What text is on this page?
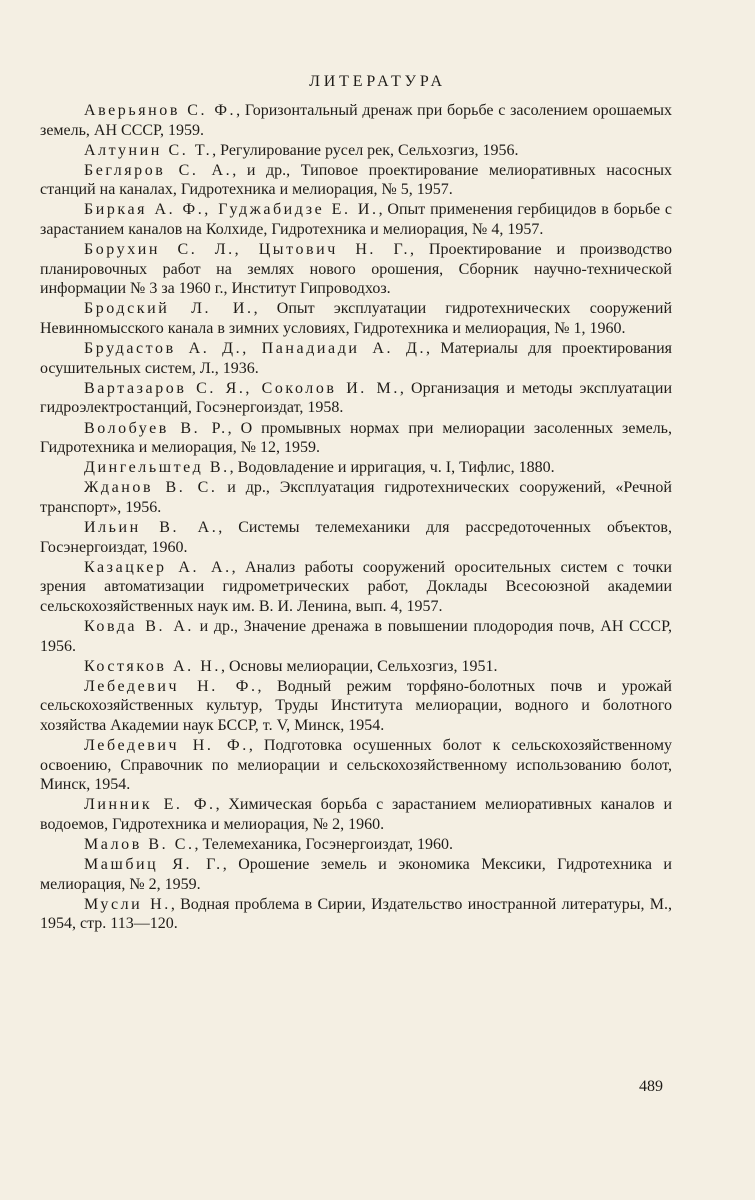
ЛИТЕРАТУРА
Аверьянов С. Ф., Горизонтальный дренаж при борьбе с засолением орошаемых земель, АН СССР, 1959.
Алтунин С. Т., Регулирование русел рек, Сельхозгиз, 1956.
Бегляров С. А., и др., Типовое проектирование мелиоративных насосных станций на каналах, Гидротехника и мелиорация, № 5, 1957.
Биркая А. Ф., Гуджабидзе Е. И., Опыт применения гербицидов в борьбе с зарастанием каналов на Колхиде, Гидротехника и мелиорация, № 4, 1957.
Борухин С. Л., Цытович Н. Г., Проектирование и производство планировочных работ на землях нового орошения, Сборник научно-технической информации № 3 за 1960 г., Институт Гипроводхоз.
Бродский Л. И., Опыт эксплуатации гидротехнических сооружений Невинномысского канала в зимних условиях, Гидротехника и мелиорация, № 1, 1960.
Брудастов А. Д., Панадиади А. Д., Материалы для проектирования осушительных систем, Л., 1936.
Вартазаров С. Я., Соколов И. М., Организация и методы эксплуатации гидроэлектростанций, Госэнергоиздат, 1958.
Волобуев В. Р., О промывных нормах при мелиорации засоленных земель, Гидротехника и мелиорация, № 12, 1959.
Дингельштед В., Водовладение и ирригация, ч. I, Тифлис, 1880.
Жданов В. С. и др., Эксплуатация гидротехнических сооружений, «Речной транспорт», 1956.
Ильин В. А., Системы телемеханики для рассредоточенных объектов, Госэнергоиздат, 1960.
Казацкер А. А., Анализ работы сооружений оросительных систем с точки зрения автоматизации гидрометрических работ, Доклады Всесоюзной академии сельскохозяйственных наук им. В. И. Ленина, вып. 4, 1957.
Ковда В. А. и др., Значение дренажа в повышении плодородия почв, АН СССР, 1956.
Костяков А. Н., Основы мелиорации, Сельхозгиз, 1951.
Лебедевич Н. Ф., Водный режим торфяно-болотных почв и урожай сельскохозяйственных культур, Труды Института мелиорации, водного и болотного хозяйства Академии наук БССР, т. V, Минск, 1954.
Лебедевич Н. Ф., Подготовка осушенных болот к сельскохозяйственному освоению, Справочник по мелиорации и сельскохозяйственному использованию болот, Минск, 1954.
Линник Е. Ф., Химическая борьба с зарастанием мелиоративных каналов и водоемов, Гидротехника и мелиорация, № 2, 1960.
Малов В. С., Телемеханика, Госэнергоиздат, 1960.
Машбиц Я. Г., Орошение земель и экономика Мексики, Гидротехника и мелиорация, № 2, 1959.
Мусли Н., Водная проблема в Сирии, Издательство иностранной литературы, М., 1954, стр. 113—120.

489
